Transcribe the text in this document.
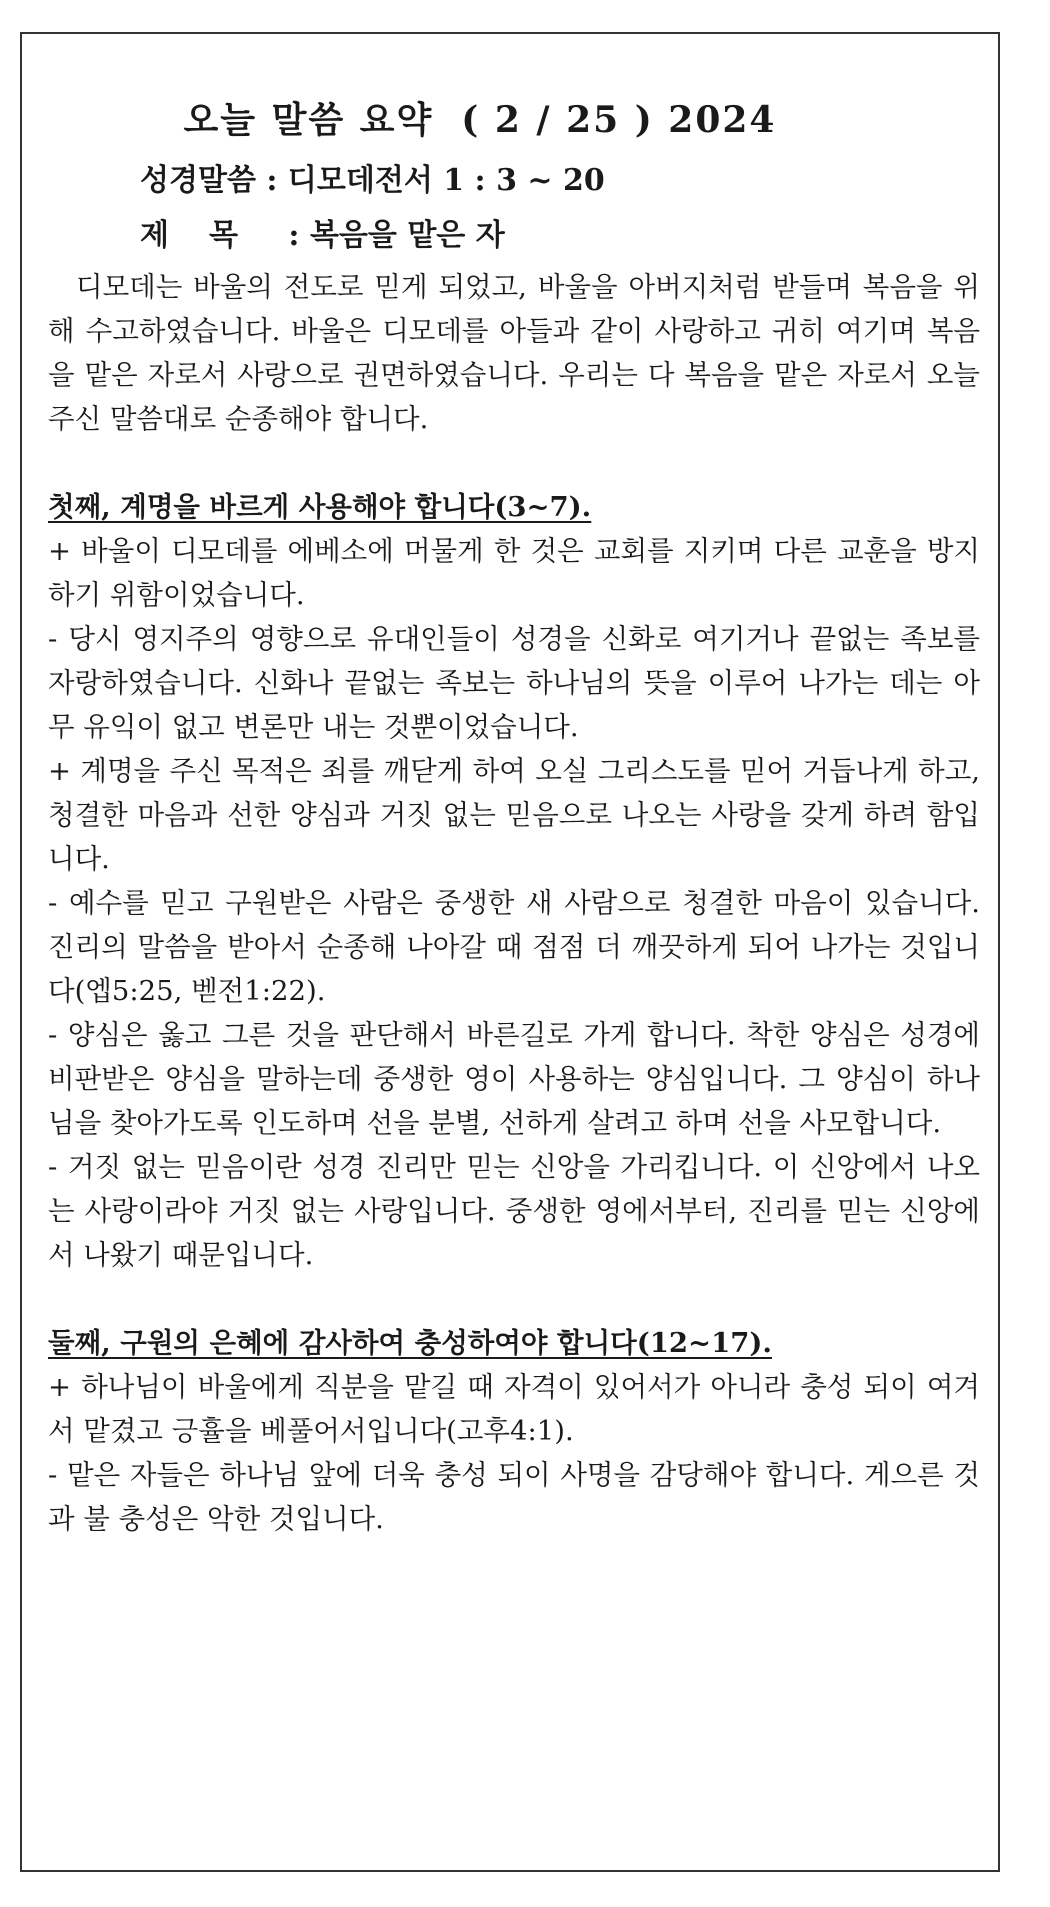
오늘 말씀 요약 ( 2 / 25 ) 2024
성경말씀 : 디모데전서 1 : 3 ~ 20
제목 : 복음을 맡은 자

디모데는 바울의 전도로 믿게 되었고, 바울을 아버지처럼 받들며 복음을 위해 수고하였습니다. 바울은 디모데를 아들과 같이 사랑하고 귀히 여기며 복음을 맡은 자로서 사랑으로 권면하였습니다. 우리는 다 복음을 맡은 자로서 오늘 주신 말씀대로 순종해야 합니다.

첫째, 계명을 바르게 사용해야 합니다(3~7).

+ 바울이 디모데를 에베소에 머물게 한 것은 교회를 지키며 다른 교훈을 방지하기 위함이었습니다.

- 당시 영지주의 영향으로 유대인들이 성경을 신화로 여기거나 끝없는 족보를 자랑하였습니다. 신화나 끝없는 족보는 하나님의 뜻을 이루어 나가는 데는 아무 유익이 없고 변론만 내는 것뿐이었습니다.

+ 계명을 주신 목적은 죄를 깨닫게 하여 오실 그리스도를 믿어 거듭나게 하고, 청결한 마음과 선한 양심과 거짓 없는 믿음으로 나오는 사랑을 갖게 하려 함입니다.

- 예수를 믿고 구원받은 사람은 중생한 새 사람으로 청결한 마음이 있습니다. 진리의 말씀을 받아서 순종해 나아갈 때 점점 더 깨끗하게 되어 나가는 것입니다(엡5:25, 벧전1:22).

- 양심은 옳고 그른 것을 판단해서 바른길로 가게 합니다. 착한 양심은 성경에 비판받은 양심을 말하는데 중생한 영이 사용하는 양심입니다. 그 양심이 하나님을 찾아가도록 인도하며 선을 분별, 선하게 살려고 하며 선을 사모합니다.

- 거짓 없는 믿음이란 성경 진리만 믿는 신앙을 가리킵니다. 이 신앙에서 나오는 사랑이라야 거짓 없는 사랑입니다. 중생한 영에서부터, 진리를 믿는 신앙에서 나왔기 때문입니다.

둘째, 구원의 은혜에 감사하여 충성하여야 합니다(12~17).

+ 하나님이 바울에게 직분을 맡길 때 자격이 있어서가 아니라 충성 되이 여겨서 맡겼고 긍휼을 베풀어서입니다(고후4:1).

- 맡은 자들은 하나님 앞에 더욱 충성 되이 사명을 감당해야 합니다. 게으른 것과 불 충성은 악한 것입니다.
